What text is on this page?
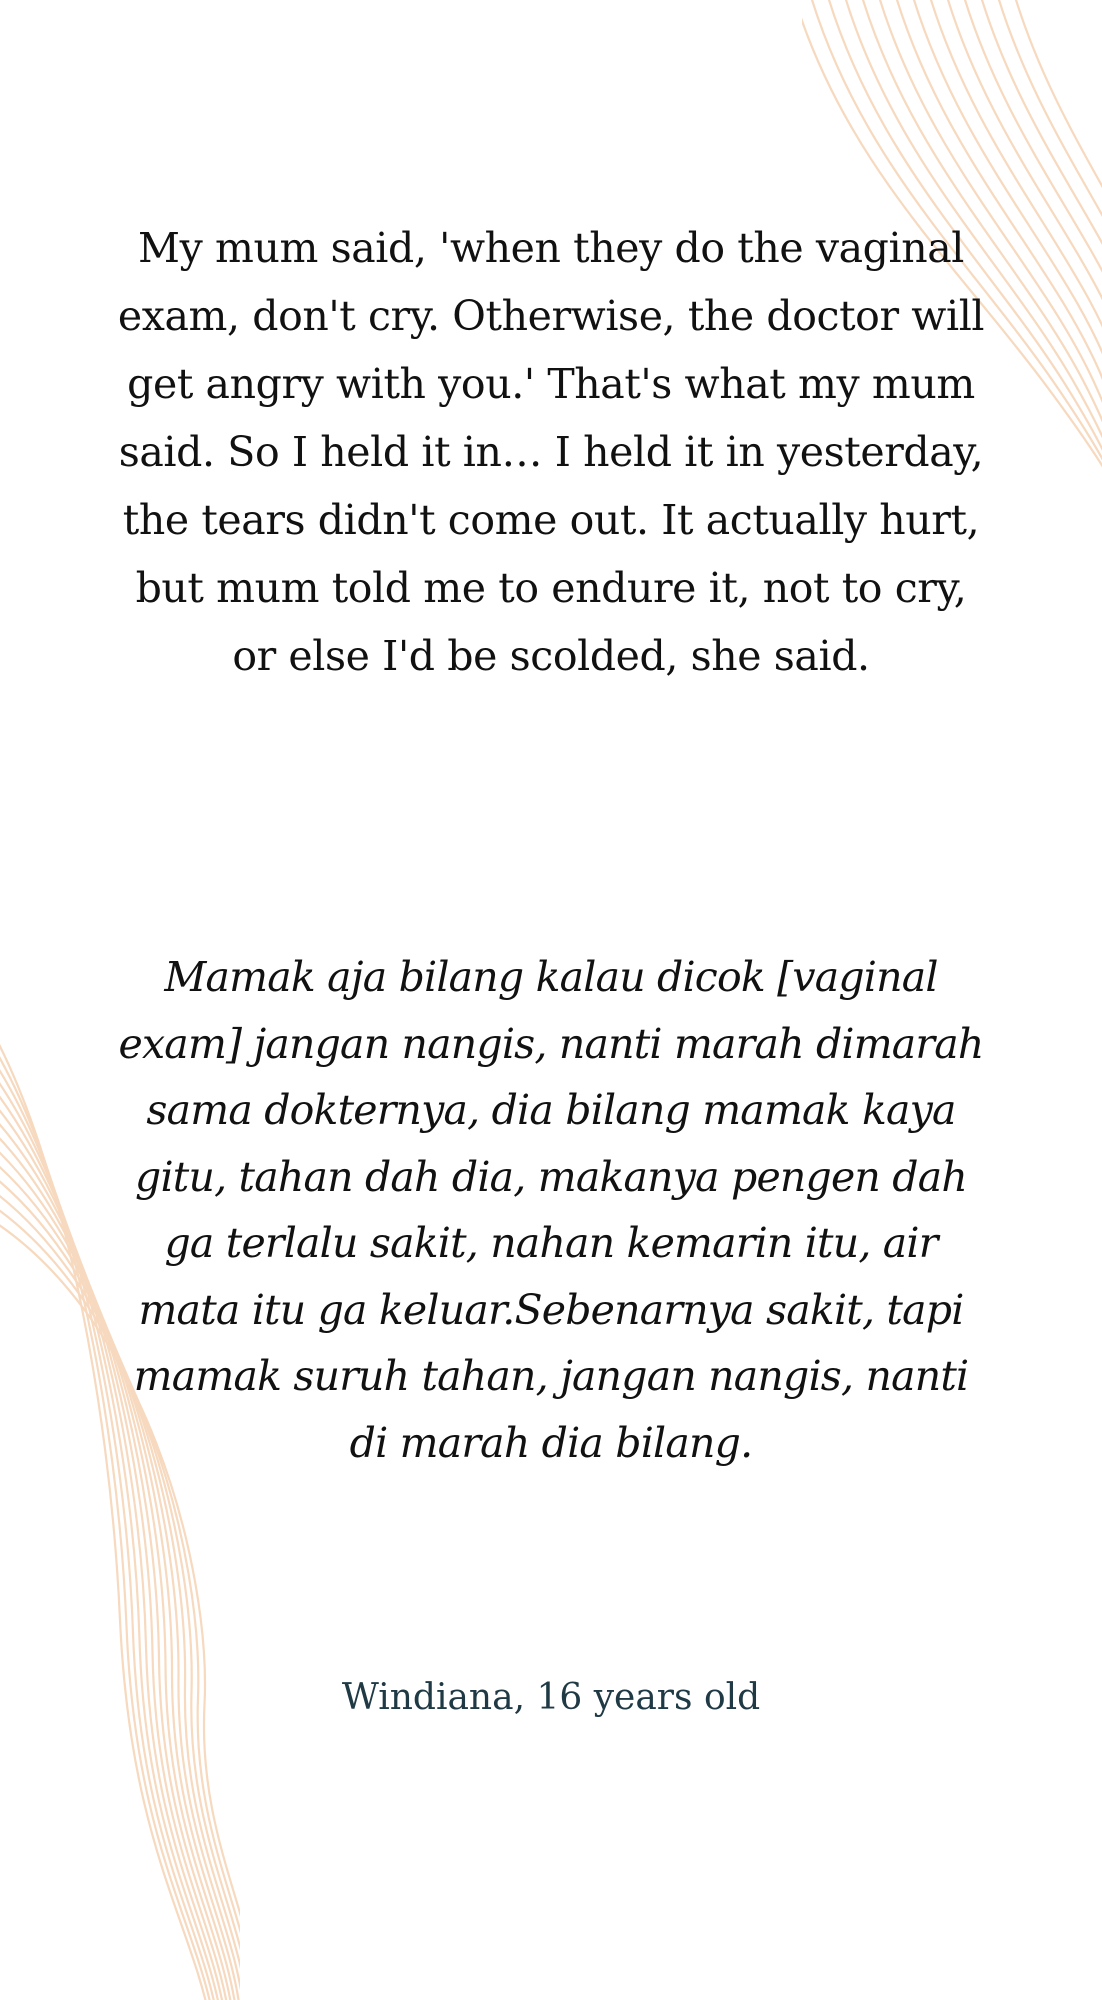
My mum said, 'when they do the vaginal exam, don't cry. Otherwise, the doctor will get angry with you.' That's what my mum said. So I held it in… I held it in yesterday, the tears didn't come out. It actually hurt, but mum told me to endure it, not to cry, or else I'd be scolded, she said.
Mamak aja bilang kalau dicok [vaginal exam] jangan nangis, nanti marah dimarah sama dokternya, dia bilang mamak kaya gitu, tahan dah dia, makanya pengen dah ga terlalu sakit, nahan kemarin itu, air mata itu ga keluar.Sebenarnya sakit, tapi mamak suruh tahan, jangan nangis, nanti di marah dia bilang.
Windiana, 16 years old
